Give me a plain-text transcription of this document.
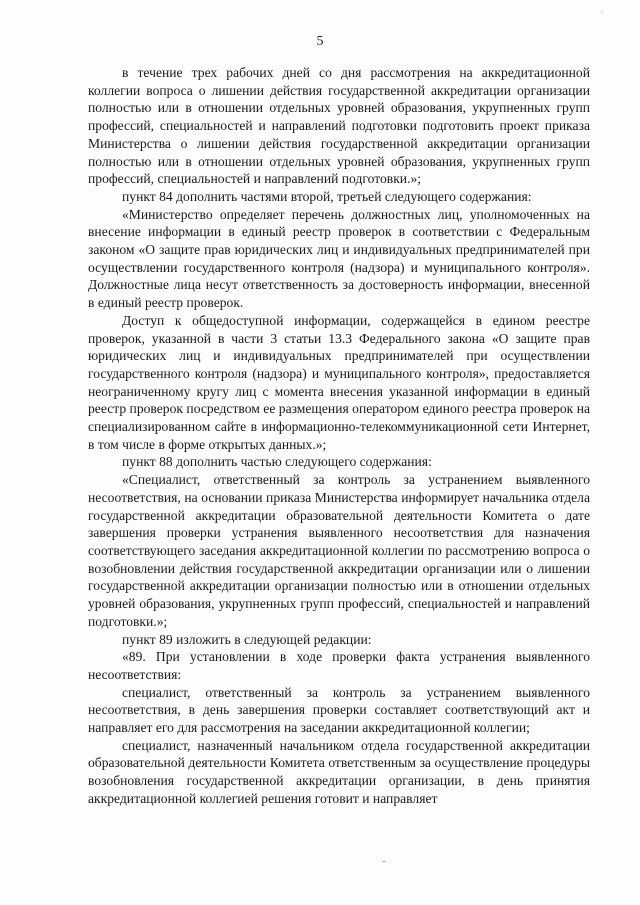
5

в течение трех рабочих дней со дня рассмотрения на аккредитационной коллегии вопроса о лишении действия государственной аккредитации организации полностью или в отношении отдельных уровней образования, укрупненных групп профессий, специальностей и направлений подготовки подготовить проект приказа Министерства о лишении действия государственной аккредитации организации полностью или в отношении отдельных уровней образования, укрупненных групп профессий, специальностей и направлений подготовки.»;

пункт 84 дополнить частями второй, третьей следующего содержания:

«Министерство определяет перечень должностных лиц, уполномоченных на внесение информации в единый реестр проверок в соответствии с Федеральным законом «О защите прав юридических лиц и индивидуальных предпринимателей при осуществлении государственного контроля (надзора) и муниципального контроля». Должностные лица несут ответственность за достоверность информации, внесенной в единый реестр проверок.

Доступ к общедоступной информации, содержащейся в едином реестре проверок, указанной в части 3 статьи 13.3 Федерального закона «О защите прав юридических лиц и индивидуальных предпринимателей при осуществлении государственного контроля (надзора) и муниципального контроля», предоставляется неограниченному кругу лиц с момента внесения указанной информации в единый реестр проверок посредством ее размещения оператором единого реестра проверок на специализированном сайте в информационно-телекоммуникационной сети Интернет, в том числе в форме открытых данных.»;

пункт 88 дополнить частью следующего содержания:

«Специалист, ответственный за контроль за устранением выявленного несоответствия, на основании приказа Министерства информирует начальника отдела государственной аккредитации образовательной деятельности Комитета о дате завершения проверки устранения выявленного несоответствия для назначения соответствующего заседания аккредитационной коллегии по рассмотрению вопроса о возобновлении действия государственной аккредитации организации или о лишении государственной аккредитации организации полностью или в отношении отдельных уровней образования, укрупненных групп профессий, специальностей и направлений подготовки.»;

пункт 89 изложить в следующей редакции:

«89. При установлении в ходе проверки факта устранения выявленного несоответствия:

специалист, ответственный за контроль за устранением выявленного несоответствия, в день завершения проверки составляет соответствующий акт и направляет его для рассмотрения на заседании аккредитационной коллегии;

специалист, назначенный начальником отдела государственной аккредитации образовательной деятельности Комитета ответственным за осуществление процедуры возобновления государственной аккредитации организации, в день принятия аккредитационной коллегией решения готовит и направляет

ˌ
-
